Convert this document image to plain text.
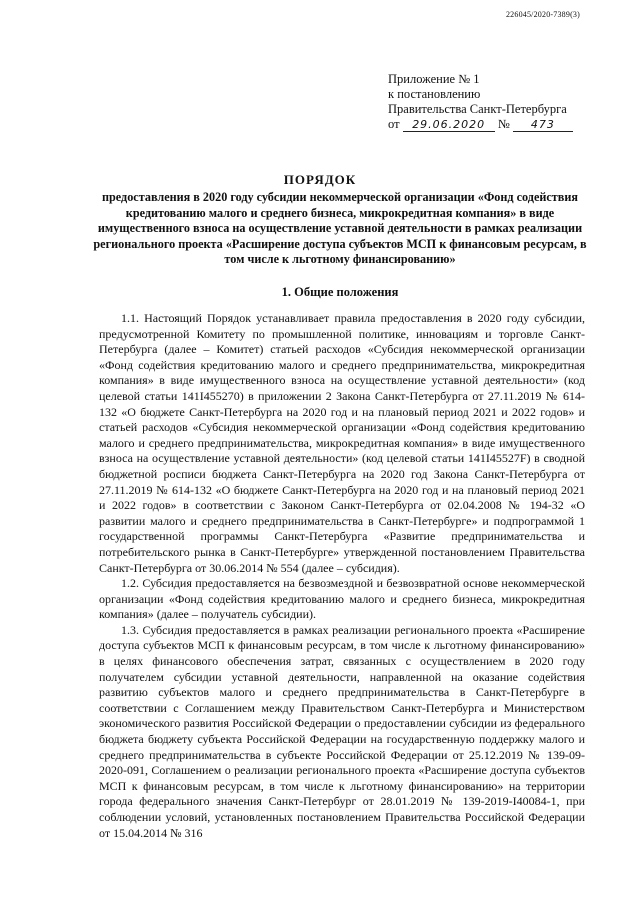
226045/2020-7389(3)
Приложение № 1
к постановлению
Правительства Санкт-Петербурга
от 29.06.2020 № 473
ПОРЯДОК
предоставления в 2020 году субсидии некоммерческой организации «Фонд содействия кредитованию малого и среднего бизнеса, микрокредитная компания» в виде имущественного взноса на осуществление уставной деятельности в рамках реализации регионального проекта «Расширение доступа субъектов МСП к финансовым ресурсам, в том числе к льготному финансированию»
1. Общие положения

1.1. Настоящий Порядок устанавливает правила предоставления в 2020 году субсидии, предусмотренной Комитету по промышленной политике, инновациям и торговле Санкт-Петербурга (далее – Комитет) статьей расходов «Субсидия некоммерческой организации «Фонд содействия кредитованию малого и среднего предпринимательства, микрокредитная компания» в виде имущественного взноса на осуществление уставной деятельности» (код целевой статьи 141I455270) в приложении 2 Закона Санкт-Петербурга от 27.11.2019 № 614-132 «О бюджете Санкт-Петербурга на 2020 год и на плановый период 2021 и 2022 годов» и статьей расходов «Субсидия некоммерческой организации «Фонд содействия кредитованию малого и среднего предпринимательства, микрокредитная компания» в виде имущественного взноса на осуществление уставной деятельности» (код целевой статьи 141I45527F) в сводной бюджетной росписи бюджета Санкт-Петербурга на 2020 год Закона Санкт-Петербурга от 27.11.2019 № 614-132 «О бюджете Санкт-Петербурга на 2020 год и на плановый период 2021 и 2022 годов» в соответствии с Законом Санкт-Петербурга от 02.04.2008 № 194-32 «О развитии малого и среднего предпринимательства в Санкт-Петербурге» и подпрограммой 1 государственной программы Санкт-Петербурга «Развитие предпринимательства и потребительского рынка в Санкт-Петербурге» утвержденной постановлением Правительства Санкт-Петербурга от 30.06.2014 № 554 (далее – субсидия).

1.2. Субсидия предоставляется на безвозмездной и безвозвратной основе некоммерческой организации «Фонд содействия кредитованию малого и среднего бизнеса, микрокредитная компания» (далее – получатель субсидии).

1.3. Субсидия предоставляется в рамках реализации регионального проекта «Расширение доступа субъектов МСП к финансовым ресурсам, в том числе к льготному финансированию» в целях финансового обеспечения затрат, связанных с осуществлением в 2020 году получателем субсидии уставной деятельности, направленной на оказание содействия развитию субъектов малого и среднего предпринимательства в Санкт-Петербурге в соответствии с Соглашением между Правительством Санкт-Петербурга и Министерством экономического развития Российской Федерации о предоставлении субсидии из федерального бюджета бюджету субъекта Российской Федерации на государственную поддержку малого и среднего предпринимательства в субъекте Российской Федерации от 25.12.2019 № 139-09-2020-091, Соглашением о реализации регионального проекта «Расширение доступа субъектов МСП к финансовым ресурсам, в том числе к льготному финансированию» на территории города федерального значения Санкт-Петербург от 28.01.2019 № 139-2019-I40084-1, при соблюдении условий, установленных постановлением Правительства Российской Федерации от 15.04.2014 № 316
